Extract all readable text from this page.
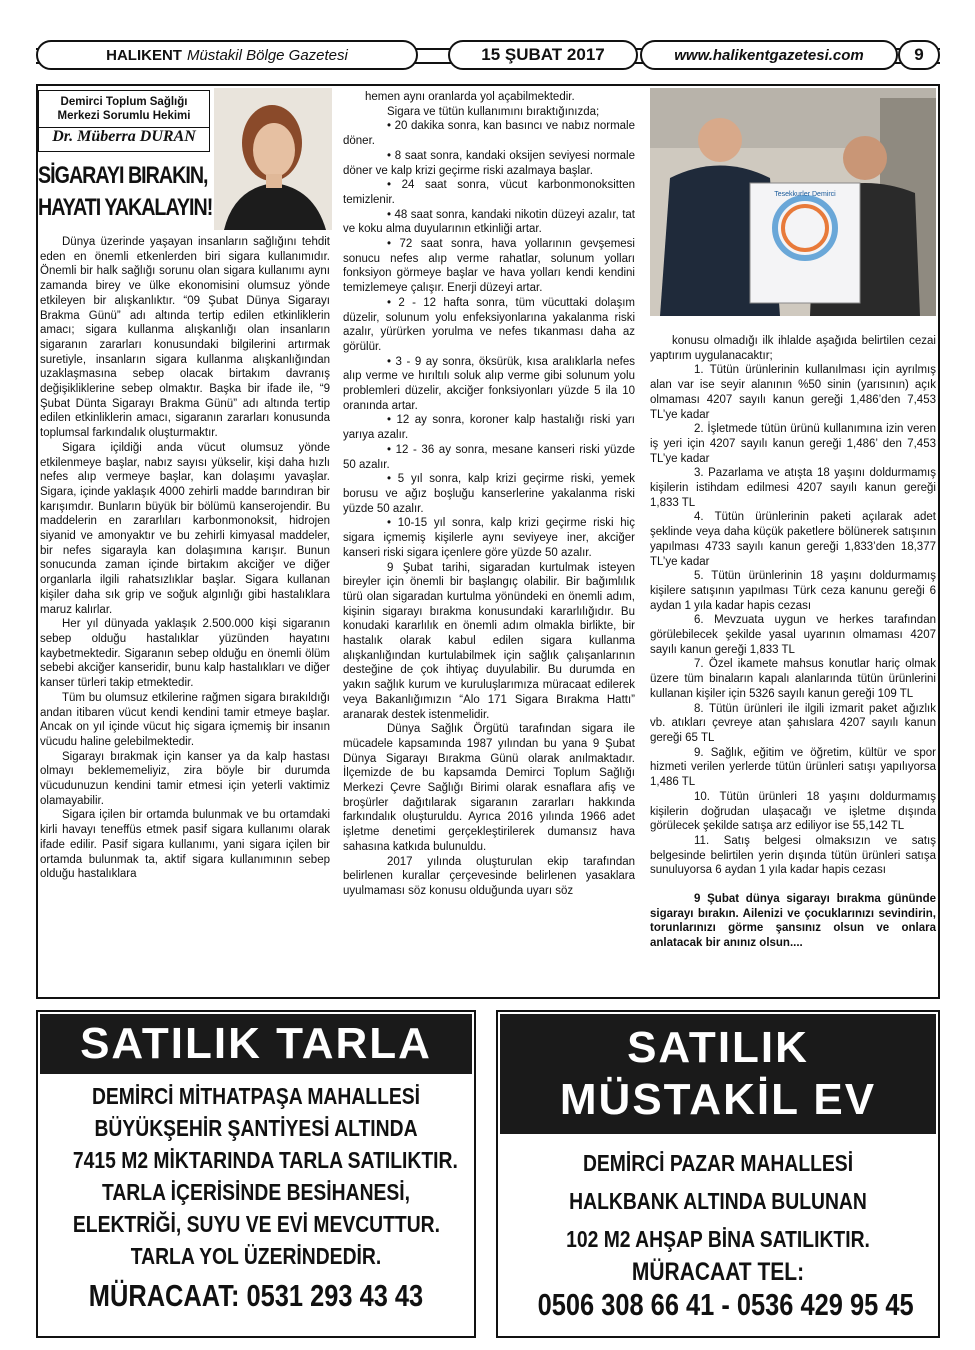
HALIKENT Müstakil Bölge Gazetesi	15 ŞUBAT 2017	www.halikentgazetesi.com	9
Demirci Toplum Sağlığı
Merkezi Sorumlu Hekimi
Dr. Müberra DURAN
SİGARAYI BIRAKIN,
HAYATI YAKALAYIN!

Dünya üzerinde yaşayan insanların sağlığını tehdit eden en önemli etkenlerden biri sigara kullanımıdır. Önemli bir halk sağlığı sorunu olan sigara kullanımı aynı zamanda birey ve ülke ekonomisini olumsuz yönde etkileyen bir alışkanlıktır. “09 Şubat Dünya Sigarayı Brakma Günü” adı altında tertip edilen etkinliklerin amacı; sigara kullanma alışkanlığı olan insanların sigaranın zararları konusundaki bilgilerini artırmak suretiyle, insanların sigara kullanma alışkanlığından uzaklaşmasına sebep olacak birtakım davranış değişikliklerine sebep olmaktır. Başka bir ifade ile, “9 Şubat Dünta Sigarayı Brakma Günü” adı altında tertip edilen etkinliklerin amacı, sigaranın zararları konusunda toplumsal farkındalık oluşturmaktır.

Sigara içildiği anda vücut olumsuz yönde etkilenmeye başlar, nabız sayısı yükselir, kişi daha hızlı nefes alıp vermeye başlar, kan dolaşımı yavaşlar. Sigara, içinde yaklaşık 4000 zehirli madde barındıran bir karışımdır. Bunların büyük bir bölümü kanserojendir. Bu maddelerin en zararlıları karbonmonoksit, hidrojen siyanid ve amonyaktır ve bu zehirli kimyasal maddeler, bir nefes sigarayla kan dolaşımına karışır. Bunun sonucunda zaman içinde birtakım akciğer ve diğer organlarla ilgili rahatsızlıklar başlar. Sigara kullanan kişiler daha sık grip ve soğuk algınlığı gibi hastalıklara maruz kalırlar.

Her yıl dünyada yaklaşık 2.500.000 kişi sigaranın sebep olduğu hastalıklar yüzünden hayatını kaybetmektedir. Sigaranın sebep olduğu en önemli ölüm sebebi akciğer kanseridir, bunu kalp hastalıkları ve diğer kanser türleri takip etmektedir.

Tüm bu olumsuz etkilerine rağmen sigara bırakıldığı andan itibaren vücut kendi kendini tamir etmeye başlar. Ancak on yıl içinde vücut hiç sigara içmemiş bir insanın vücudu haline gelebilmektedir.

Sigarayı bırakmak için kanser ya da kalp hastası olmayı beklememeliyiz, zira böyle bir durumda vücudunuzun kendini tamir etmesi için yeterli vaktimiz olamayabilir.

Sigara içilen bir ortamda bulunmak ve bu ortamdaki kirli havayı teneffüs etmek pasif sigara kullanımı olarak ifade edilir. Pasif sigara kullanımı, yani sigara içilen bir ortamda bulunmak ta, aktif sigara kullanımının sebep olduğu hastalıklara

hemen aynı oranlarda yol açabilmektedir.

Sigara ve tütün kullanımını bıraktığınızda;

• 20 dakika sonra, kan basıncı ve nabız normale döner.

• 8 saat sonra, kandaki oksijen seviyesi normale döner ve kalp krizi geçirme riski azalmaya başlar.

• 24 saat sonra, vücut karbonmonoksitten temizlenir.

• 48 saat sonra, kandaki nikotin düzeyi azalır, tat ve koku alma duyularının etkinliği artar.

• 72 saat sonra, hava yollarının gevşemesi sonucu nefes alıp verme rahatlar, solunum yolları fonksiyon görmeye başlar ve hava yolları kendi kendini temizlemeye çalışır. Enerji düzeyi artar.

• 2 - 12 hafta sonra, tüm vücuttaki dolaşım düzelir, solunum yolu enfeksiyonlarına yakalanma riski azalır, yürürken yorulma ve nefes tıkanması daha az görülür.

• 3 - 9 ay sonra, öksürük, kısa aralıklarla nefes alıp verme ve hırıltılı soluk alıp verme gibi solunum yolu problemleri düzelir, akciğer fonksiyonları yüzde 5 ila 10 oranında artar.

• 12 ay sonra, koroner kalp hastalığı riski yarı yarıya azalır.

• 12 - 36 ay sonra, mesane kanseri riski yüzde 50 azalır.

• 5 yıl sonra, kalp krizi geçirme riski, yemek borusu ve ağız boşluğu kanserlerine yakalanma riski yüzde 50 azalır.

• 10-15 yıl sonra, kalp krizi geçirme riski hiç sigara içmemiş kişilerle aynı seviyeye iner, akciğer kanseri riski sigara içenlere göre yüzde 50 azalır.

9 Şubat tarihi, sigaradan kurtulmak isteyen bireyler için önemli bir başlangıç olabilir. Bir bağımlılık türü olan sigaradan kurtulma yönündeki en önemli adım, kişinin sigarayı bırakma konusundaki kararlılığıdır. Bu konudaki kararlılık en önemli adım olmakla birlikte, bir hastalık olarak kabul edilen sigara kullanma alışkanlığından kurtulabilmek için sağlık çalışanlarının desteğine de çok ihtiyaç duyulabilir. Bu durumda en yakın sağlık kurum ve kuruluşlarımıza müracaat edilerek veya Bakanlığımızın “Alo 171 Sigara Bırakma Hattı” aranarak destek istenmelidir.

Dünya Sağlık Örgütü tarafından sigara ile mücadele kapsamında 1987 yılından bu yana 9 Şubat Dünya Sigarayı Bırakma Günü olarak anılmaktadır. İlçemizde de bu kapsamda Demirci Toplum Sağlığı Merkezi Çevre Sağlığı Birimi olarak esnaflara afiş ve broşürler dağıtılarak sigaranın zararları hakkında farkındalık oluşturuldu. Ayrıca 2016 yılında 1966 adet işletme denetimi gerçekleştirilerek dumansız hava sahasına katkıda bulunuldu.

2017 yılında oluşturulan ekip tarafından belirlenen kurallar çerçevesinde belirlenen yasaklara uyulmaması söz konusu olduğunda uyarı söz

Tesekkurler Demirci

konusu olmadığı ilk ihlalde aşağıda belirtilen cezai yaptırım uygulanacaktır;

1. Tütün ürünlerinin kullanılması için ayrılmış alan var ise seyir alanının %50 sinin (yarısının) açık olmaması 4207 sayılı kanun gereği 1,486’den 7,453 TL’ye kadar

2. İşletmede tütün ürünü kullanımına izin veren iş yeri için 4207 sayılı kanun gereği 1,486’ den 7,453 TL’ye kadar

3. Pazarlama ve atışta 18 yaşını doldurmamış kişilerin istihdam edilmesi 4207 sayılı kanun gereği 1,833 TL

4. Tütün ürünlerinin paketi açılarak adet şeklinde veya daha küçük paketlere bölünerek satışının yapılması 4733 sayılı kanun gereği 1,833’den 18,377 TL’ye kadar

5. Tütün ürünlerinin 18 yaşını doldurmamış kişilere satışının yapılması Türk ceza kanunu gereği 6 aydan 1 yıla kadar hapis cezası

6. Mevzuata uygun ve herkes tarafından görülebilecek şekilde yasal uyarının olmaması 4207 sayılı kanun gereği 1,833 TL

7. Özel ikamete mahsus konutlar hariç olmak üzere tüm binaların kapalı alanlarında tütün ürünlerini kullanan kişiler için 5326 sayılı kanun gereği 109 TL

8. Tütün ürünleri ile ilgili izmarit paket ağızlık vb. atıkları çevreye atan şahıslara 4207 sayılı kanun gereği 65 TL

9. Sağlık, eğitim ve öğretim, kültür ve spor hizmeti verilen yerlerde tütün ürünleri satışı yapılıyorsa 1,486 TL

10. Tütün ürünleri 18 yaşını doldurmamış kişilerin doğrudan ulaşacağı ve işletme dışında görülecek şekilde satışa arz ediliyor ise 55,142 TL

11. Satış belgesi olmaksızın ve satış belgesinde belirtilen yerin dışında tütün ürünleri satışa sunuluyorsa 6 aydan 1 yıla kadar hapis cezası

9 Şubat dünya sigarayı bırakma gününde sigarayı bırakın. Ailenizi ve çocuklarınızı sevindirin, torunlarınızı görme şansınız olsun ve onlara anlatacak bir anınız olsun....

SATILIK TARLA
DEMİRCİ MİTHATPAŞA MAHALLESİ
BÜYÜKŞEHİR ŞANTİYESİ ALTINDA
7415 M2 MİKTARINDA TARLA SATILIKTIR.
TARLA İÇERİSİNDE BESİHANESİ,
ELEKTRİĞİ, SUYU VE EVİ MEVCUTTUR.
TARLA YOL ÜZERİNDEDİR.
MÜRACAAT: 0531 293 43 43
SATILIK
MÜSTAKİL EV
DEMİRCİ PAZAR MAHALLESİ
HALKBANK ALTINDA BULUNAN
102 M2 AHŞAP BİNA SATILIKTIR.
MÜRACAAT TEL:
0506 308 66 41 - 0536 429 95 45
